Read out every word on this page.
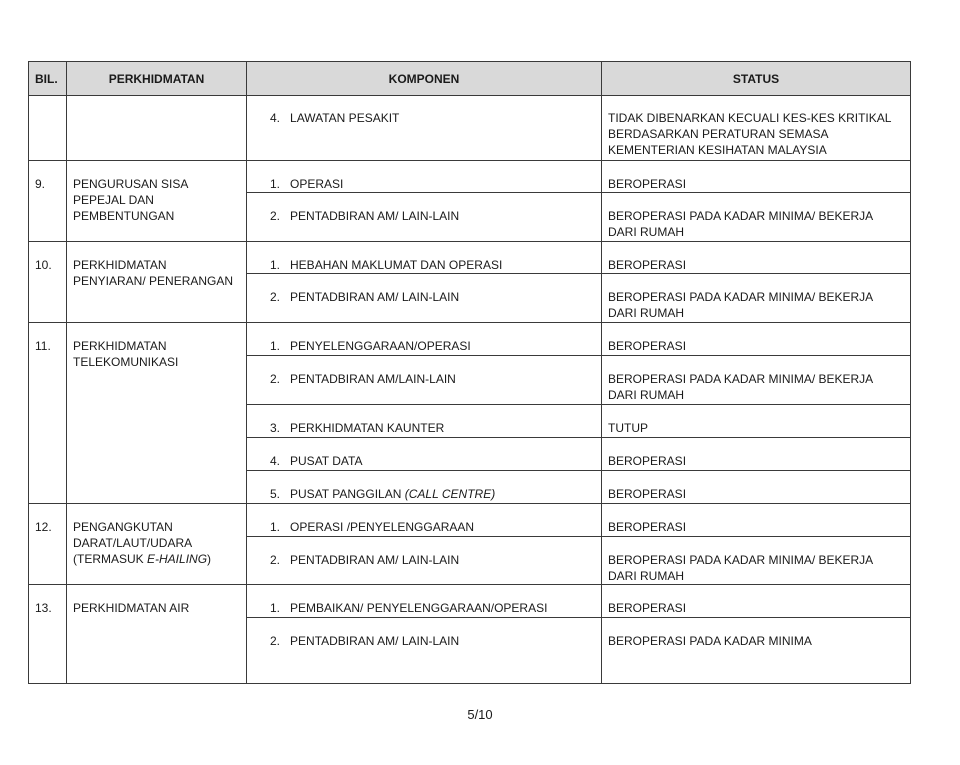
BIL.	PERKHIDMATAN	KOMPONEN	STATUS
		4. LAWATAN PESAKIT	TIDAK DIBENARKAN KECUALI KES-KES KRITIKAL BERDASARKAN PERATURAN SEMASA KEMENTERIAN KESIHATAN MALAYSIA
9.	PENGURUSAN SISA PEPEJAL DAN PEMBENTUNGAN	1. OPERASI	BEROPERASI
		2. PENTADBIRAN AM/ LAIN-LAIN	BEROPERASI PADA KADAR MINIMA/ BEKERJA DARI RUMAH
10.	PERKHIDMATAN PENYIARAN/ PENERANGAN	1. HEBAHAN MAKLUMAT DAN OPERASI	BEROPERASI
		2. PENTADBIRAN AM/ LAIN-LAIN	BEROPERASI PADA KADAR MINIMA/ BEKERJA DARI RUMAH
11.	PERKHIDMATAN TELEKOMUNIKASI	1. PENYELENGGARAAN/OPERASI	BEROPERASI
		2. PENTADBIRAN AM/LAIN-LAIN	BEROPERASI PADA KADAR MINIMA/ BEKERJA DARI RUMAH
		3. PERKHIDMATAN KAUNTER	TUTUP
		4. PUSAT DATA	BEROPERASI
		5. PUSAT PANGGILAN (CALL CENTRE)	BEROPERASI
12.	PENGANGKUTAN DARAT/LAUT/UDARA (TERMASUK E-HAILING)	1. OPERASI /PENYELENGGARAAN	BEROPERASI
		2. PENTADBIRAN AM/ LAIN-LAIN	BEROPERASI PADA KADAR MINIMA/ BEKERJA DARI RUMAH
13.	PERKHIDMATAN AIR	1. PEMBAIKAN/ PENYELENGGARAAN/OPERASI	BEROPERASI
		2. PENTADBIRAN AM/ LAIN-LAIN	BEROPERASI PADA KADAR MINIMA
5/10
